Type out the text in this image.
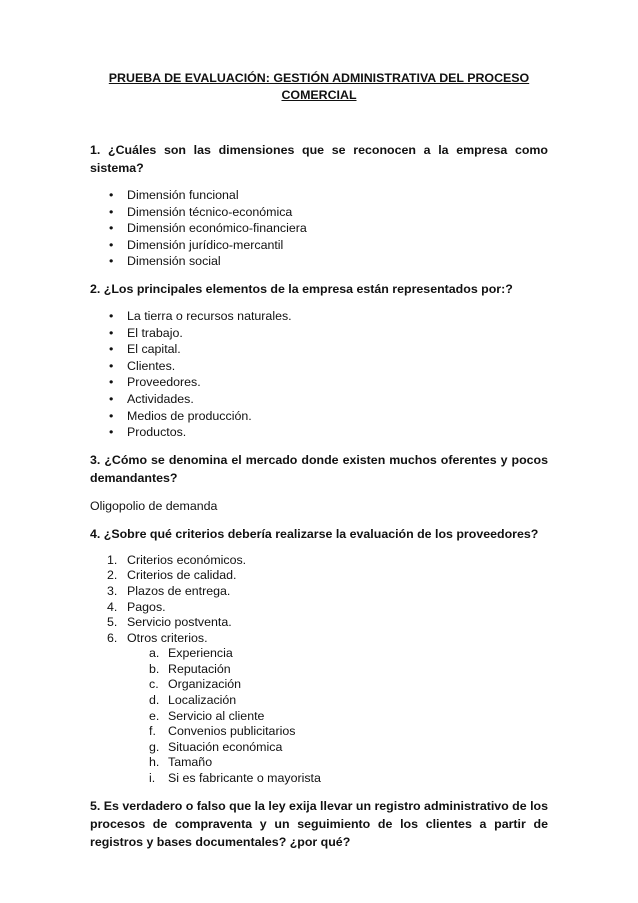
PRUEBA DE EVALUACIÓN: GESTIÓN ADMINISTRATIVA DEL PROCESO
COMERCIAL

1. ¿Cuáles son las dimensiones que se reconocen a la empresa como sistema?

• Dimensión funcional
• Dimensión técnico-económica
• Dimensión económico-financiera
• Dimensión jurídico-mercantil
• Dimensión social

2. ¿Los principales elementos de la empresa están representados por:?

• La tierra o recursos naturales.
• El trabajo.
• El capital.
• Clientes.
• Proveedores.
• Actividades.
• Medios de producción.
• Productos.

3. ¿Cómo se denomina el mercado donde existen muchos oferentes y pocos demandantes?

Oligopolio de demanda

4. ¿Sobre qué criterios debería realizarse la evaluación de los proveedores?

1. Criterios económicos.
2. Criterios de calidad.
3. Plazos de entrega.
4. Pagos.
5. Servicio postventa.
6. Otros criterios.
a. Experiencia
b. Reputación
c. Organización
d. Localización
e. Servicio al cliente
f. Convenios publicitarios
g. Situación económica
h. Tamaño
i. Si es fabricante o mayorista

5. Es verdadero o falso que la ley exija llevar un registro administrativo de los procesos de compraventa y un seguimiento de los clientes a partir de registros y bases documentales? ¿por qué?
